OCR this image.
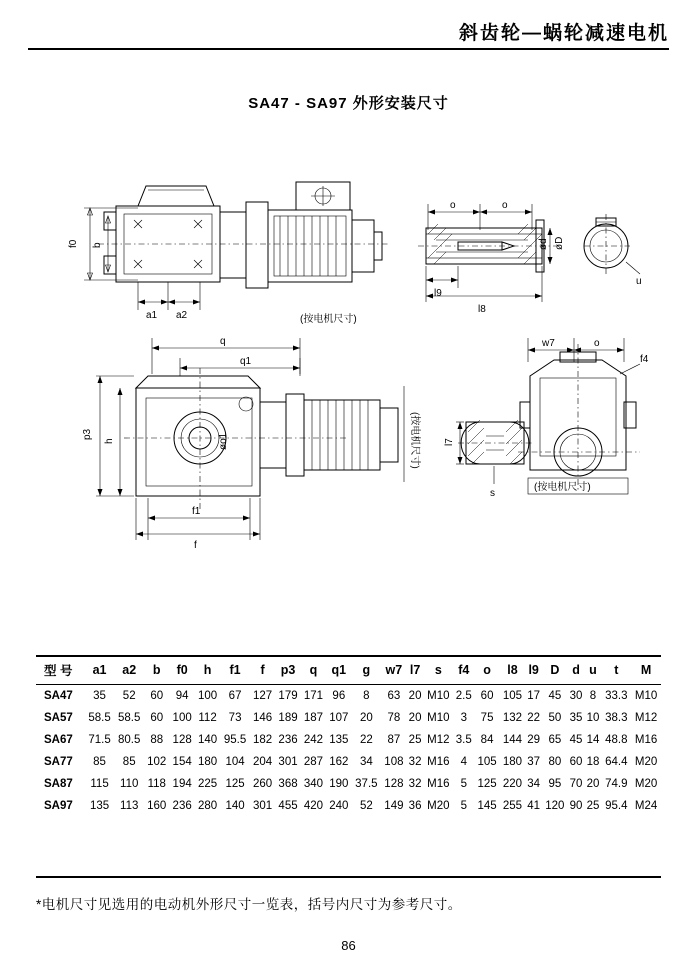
斜齿轮—蜗轮减速电机
SA47 - SA97 外形安装尺寸
f0 b
a1 a2	(按电机尺寸)
o	o
øD
ød
l9
l8
u
q
q1
øo1	(按电机尺寸)
p3
h
f1
f
w7	o
f4
(按电机尺寸)
l7
s
型 号	a1	a2	b	f0	h	f1	f	p3	q	q1	g	w7	l7	s	f4	o	l8	l9	D	d	u	t	M
SA47	35	52	60	94	100	67	127	179	171	96	8	63	20	M10	2.5	60	105	17	45	30	8	33.3	M10
SA57	58.5	58.5	60	100	112	73	146	189	187	107	20	78	20	M10	3	75	132	22	50	35	10	38.3	M12
SA67	71.5	80.5	88	128	140	95.5	182	236	242	135	22	87	25	M12	3.5	84	144	29	65	45	14	48.8	M16
SA77	85	85	102	154	180	104	204	301	287	162	34	108	32	M16	4	105	180	37	80	60	18	64.4	M20
SA87	115	110	118	194	225	125	260	368	340	190	37.5	128	32	M16	5	125	220	34	95	70	20	74.9	M20
SA97	135	113	160	236	280	140	301	455	420	240	52	149	36	M20	5	145	255	41	120	90	25	95.4	M24
*电机尺寸见选用的电动机外形尺寸一览表，括号内尺寸为参考尺寸。
86
